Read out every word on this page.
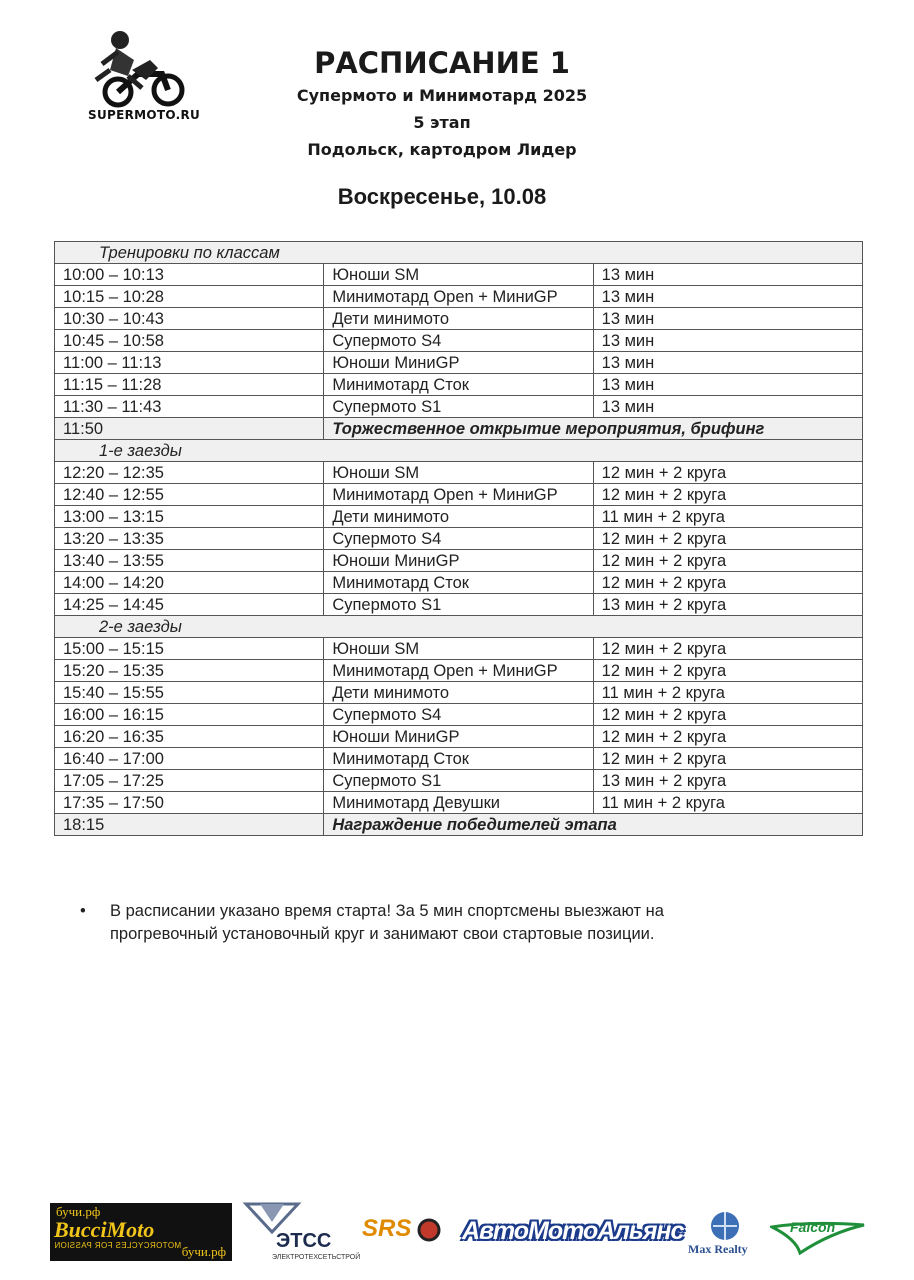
SUPERMOTO.RU
РАСПИСАНИЕ 1
Супермото и Минимотард 2025
5 этап
Подольск, картодром Лидер
Воскресенье, 10.08
Тренировки по классам		
10:00 – 10:13	Юноши SM	13 мин
10:15 – 10:28	Минимотард Open + МиниGP	13 мин
10:30 – 10:43	Дети минимото	13 мин
10:45 – 10:58	Супермото S4	13 мин
11:00 – 11:13	Юноши МиниGP	13 мин
11:15 – 11:28	Минимотард Сток	13 мин
11:30 – 11:43	Супермото S1	13 мин
11:50	Торжественное открытие мероприятия, брифинг	
1-е заезды		
12:20 – 12:35	Юноши SM	12 мин + 2 круга
12:40 – 12:55	Минимотард Open + МиниGP	12 мин + 2 круга
13:00 – 13:15	Дети минимото	11 мин + 2 круга
13:20 – 13:35	Супермото S4	12 мин + 2 круга
13:40 – 13:55	Юноши МиниGP	12 мин + 2 круга
14:00 – 14:20	Минимотард Сток	12 мин + 2 круга
14:25 – 14:45	Супермото S1	13 мин + 2 круга
2-е заезды		
15:00 – 15:15	Юноши SM	12 мин + 2 круга
15:20 – 15:35	Минимотард Open + МиниGP	12 мин + 2 круга
15:40 – 15:55	Дети минимото	11 мин + 2 круга
16:00 – 16:15	Супермото S4	12 мин + 2 круга
16:20 – 16:35	Юноши МиниGP	12 мин + 2 круга
16:40 – 17:00	Минимотард Сток	12 мин + 2 круга
17:05 – 17:25	Супермото S1	13 мин + 2 круга
17:35 – 17:50	Минимотард Девушки	11 мин + 2 круга
18:15	Награждение победителей этапа	
• В расписании указано время старта! За 5 мин спортсмены выезжают на прогревочный установочный круг и занимают свои стартовые позиции.
бучи.рф
BucciMoto
MOTORCYCLES FOR PASSION бучи.рф	ЭТСС
ЭЛЕКТРОТЕХСЕТЬСТРОЙ
SRS АвтоМотоАльянс
Max Realty
Falcon
